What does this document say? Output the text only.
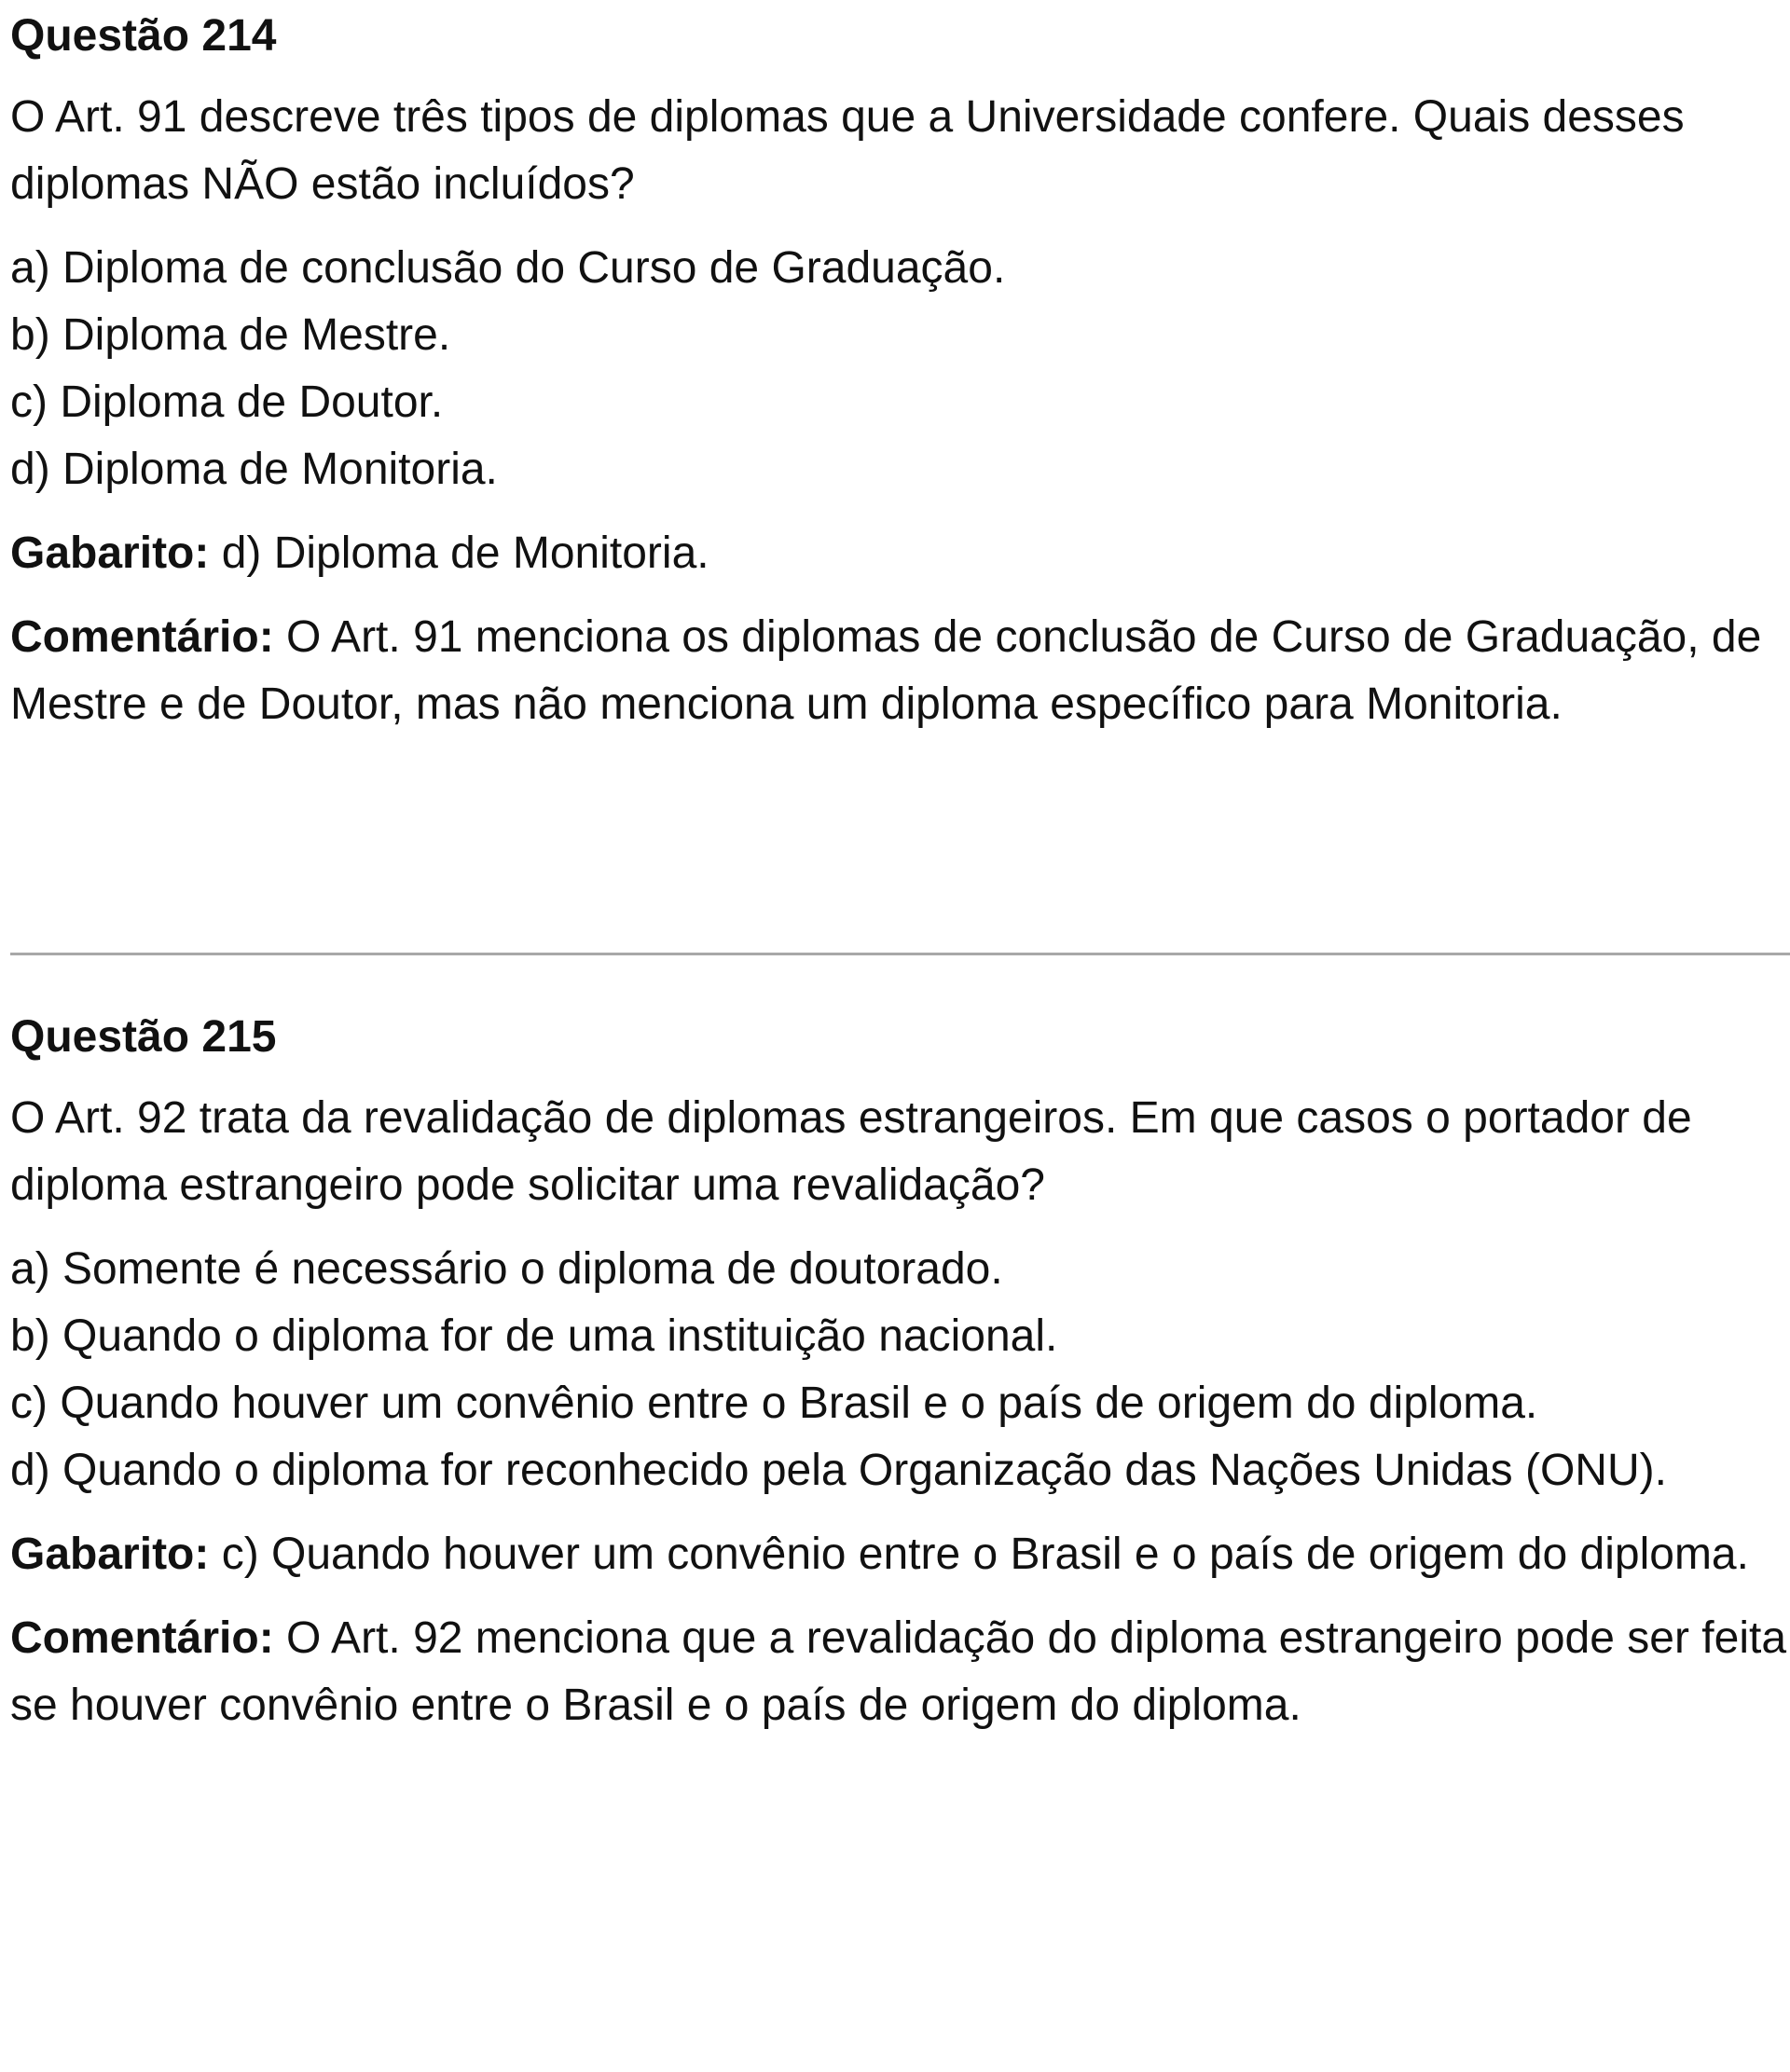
Questão 214

O Art. 91 descreve três tipos de diplomas que a Universidade confere. Quais desses diplomas NÃO estão incluídos?

a) Diploma de conclusão do Curso de Graduação.
b) Diploma de Mestre.
c) Diploma de Doutor.
d) Diploma de Monitoria.

Gabarito: d) Diploma de Monitoria.

Comentário: O Art. 91 menciona os diplomas de conclusão de Curso de Graduação, de Mestre e de Doutor, mas não menciona um diploma específico para Monitoria.

Questão 215

O Art. 92 trata da revalidação de diplomas estrangeiros. Em que casos o portador de diploma estrangeiro pode solicitar uma revalidação?

a) Somente é necessário o diploma de doutorado.
b) Quando o diploma for de uma instituição nacional.
c) Quando houver um convênio entre o Brasil e o país de origem do diploma.
d) Quando o diploma for reconhecido pela Organização das Nações Unidas (ONU).

Gabarito: c) Quando houver um convênio entre o Brasil e o país de origem do diploma.

Comentário: O Art. 92 menciona que a revalidação do diploma estrangeiro pode ser feita se houver convênio entre o Brasil e o país de origem do diploma.
